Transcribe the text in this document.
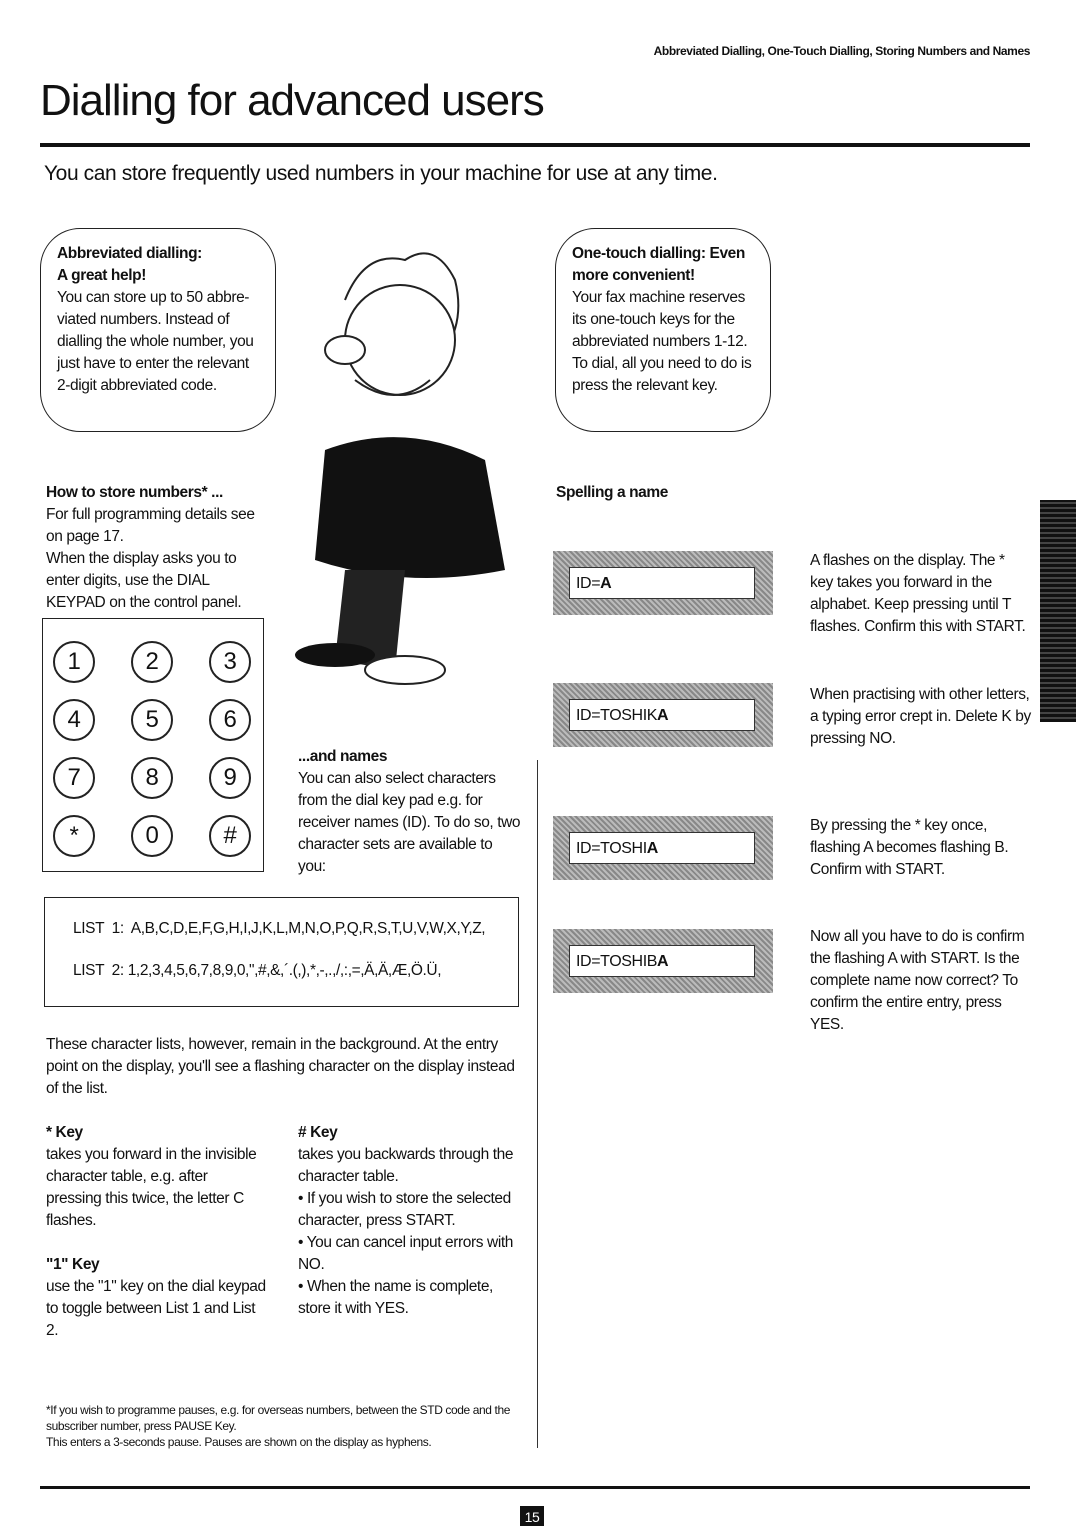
Abbreviated Dialling, One-Touch Dialling, Storing Numbers and Names
Dialling for advanced users
You can store frequently used numbers in your machine for use at any time.
Abbreviated dialling:
A great help!
You can store up to 50 abbre-viated numbers. Instead of dialling the whole number, you just have to enter the relevant 2-digit abbreviated code.
One-touch dialling: Even
more convenient!
Your fax machine reserves its one-touch keys for the abbreviated numbers 1-12. To dial, all you need to do is press the relevant key.
How to store numbers* ...
For full programming details see on page 17.
When the display asks you to enter digits, use the DIAL KEYPAD on the control panel.
1	2	3
4	5	6
7	8	9
*	0	#
...and names
You can also select characters from the dial key pad e.g. for receiver names (ID). To do so, two character sets are available to you:
LIST  1:  A,B,C,D,E,F,G,H,I,J,K,L,M,N,O,P,Q,R,S,T,U,V,W,X,Y,Z,
LIST  2: 1,2,3,4,5,6,7,8,9,0,",#,&,´.(,),*,-,.,/,:,=,Ä,Ä,Æ,Ö.Ü,
These character lists, however, remain in the background. At the entry point on the display, you'll see a flashing character on the display instead of the list.
* Key
takes you forward in the invisible character table, e.g. after pressing this twice, the letter C flashes.
"1" Key
use the "1" key on the dial keypad to toggle between List 1 and List 2.
# Key
takes you backwards through the character table.
• If you wish to store the selected character, press START.
• You can cancel input errors with NO.
• When the name is complete, store it with YES.
*If you wish to programme pauses, e.g. for overseas numbers, between the STD code and the subscriber number, press PAUSE Key.
This enters a 3-seconds pause. Pauses are shown on the display as hyphens.
Spelling a name
ID=A
A flashes on the display. The * key takes you forward in the alphabet. Keep pressing until T flashes. Confirm this with START.
ID=TOSHIKA
When practising with other letters, a typing error crept in. Delete K by pressing NO.
ID=TOSHIA
By pressing the * key once, flashing A becomes flashing B. Confirm with START.
ID=TOSHIBA
Now all you have to do is confirm the flashing A with START. Is the complete name now correct? To confirm the entire entry, press YES.
15
